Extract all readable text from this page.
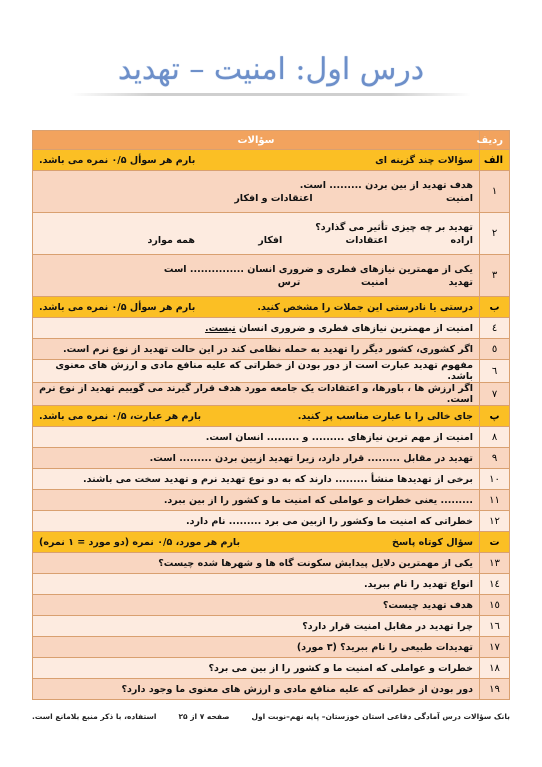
درس اول: امنیت – تهدید
ردیف	سؤالات
الف	سؤالات چند گزینه ای
بارم هر سوأل ۰/۵ نمره می باشد.

۱	هدف تهدید از بین بردن ......... است.
امنیت
اعتقادات و افکار

۲	تهدید بر چه چیزی تأثیر می گذارد؟
اراده
اعتقادات
افکار
همه موارد

۳	یکی از مهمترین نیازهای فطری و ضروری انسان ............... است
تهدید
امنیت
ترس

ب	درستی یا نادرستی این جملات را مشخص کنید.
بارم هر سوأل ۰/۵ نمره می باشد.

٤	امنیت از مهمترین نیازهای فطری و ضروری انسان نیست.
٥	اگر کشوری، کشور دیگر را تهدید به حمله نظامی کند در این حالت تهدید از نوع نرم است.
٦	مفهوم تهدید عبارت است از دور بودن از خطراتی که علیه منافع مادی و ارزش های معنوی باشد.
٧	اگر ارزش ها ، باورها، و اعتقادات یک جامعه مورد هدف قرار گیرند می گوییم تهدید از نوع نرم است.
پ	جای خالی را با عبارت مناسب پر کنید.
بارم هر عبارت، ۰/۵ نمره می باشد.

٨	امنیت از مهم ترین نیازهای ......... و ......... انسان است.
٩	تهدید در مقابل ......... قرار دارد، زیرا تهدید ازبین بردن ......... است.
١٠	برخی از تهدیدها منشأ ......... دارند که به دو نوع تهدید نرم و تهدید سخت می باشند.
١١	......... یعنی خطرات و عواملی که امنیت ما و کشور را از بین ببرد.
١٢	خطراتی که امنیت ما وکشور را ازبین می برد ......... نام دارد.
ت	سؤال کوتاه پاسخ
بارم هر مورد، ۰/۵ نمره (دو مورد = ۱ نمره)

۱۳	یکی از مهمترین دلایل پیدایش سکونت گاه ها و شهرها شده چیست؟
۱٤	انواع تهدید را نام ببرید.
۱٥	هدف تهدید چیست؟
۱٦	چرا تهدید در مقابل امنیت قرار دارد؟
۱٧	تهدیدات طبیعی را نام ببرید؟ (۳ مورد)
۱٨	خطرات و عواملی که امنیت ما و کشور را از بین می برد؟
۱٩	دور بودن از خطراتی که علیه منافع مادی و ارزش های معنوی ما وجود دارد؟
بانک سؤالات درس آمادگی دفاعی استان خوزستان– پایه نهم–نوبت اول
صفحه ۷ از ۲۵
استفاده، با ذکر منبع بلامانع است.
